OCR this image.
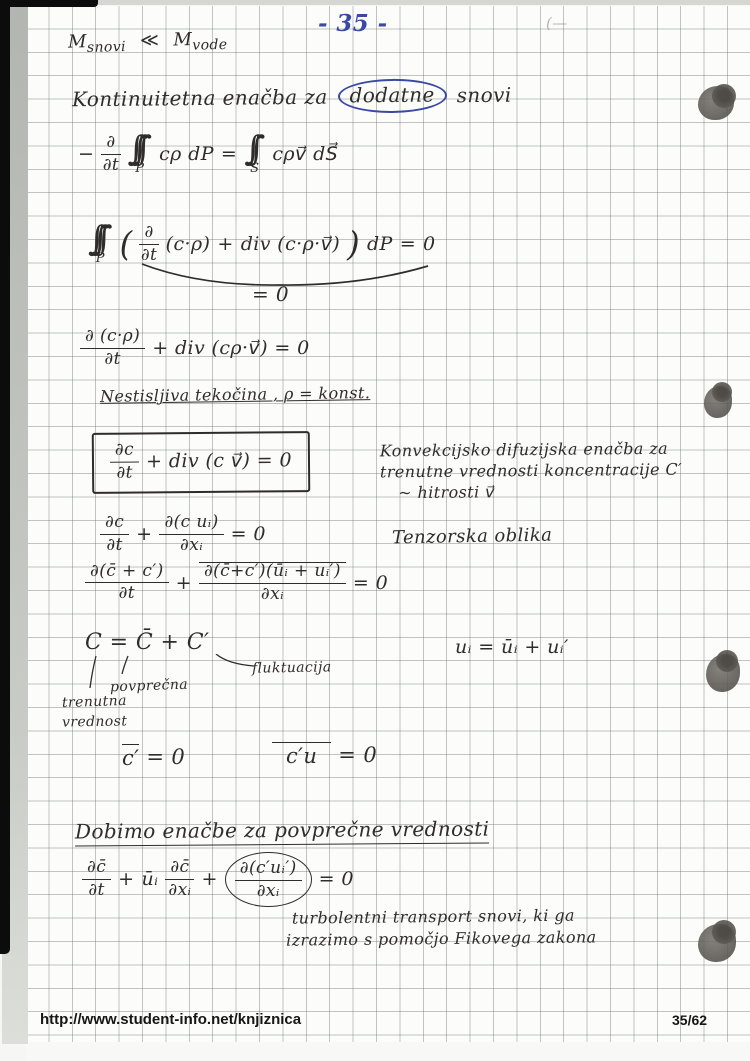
- 35 -	(—
$M_{snovi}$ ≪ $M_{vode}$
Kontinuitetna enačba za	dodatne	snovi
− $\frac{\partial}{\partial t}$ ∫∫∫
P
cρ dP = ∫∫ S
cρv⃗ dS⃗
∫∫∫
P ( $\frac{\partial}{\partial t} (c\cdot\rho)$ + div (c·ρ·v⃗) ) dP = 0
= 0
$\frac{\partial (c\cdot\rho)}{\partial t}$ + div (cρ·v⃗) = 0
Nestisljiva tekočina , ρ = konst.
$\frac{\partial c}{\partial t}$ + div (c v⃗) = 0	Konvekcijsko difuzijska enačba za
trenutne vrednosti koncentracije C′
~ hitrosti v⃗
$\frac{\partial c}{\partial t} + \frac{\text{∂(c uᵢ)}}{\text{∂xᵢ}} = 0$	Tenzorska oblika
$\frac{\partial(c̄ + c')}{\partial t} + \frac{\text{∂(c̄+c′)(ūᵢ + uᵢ′)}}{\text{∂xᵢ}} = 0$
C = C̄ + C′	uᵢ = ūᵢ + uᵢ′
fluktuacija
povprečna
trenutna
vrednost
c′ = 0	c′u	= 0
Dobimo enačbe za povprečne vrednosti
$\frac{\partial c̄}{\partial t}$ + ūᵢ $\frac{\partial c̄}{\text{∂xᵢ}} + \frac{\text{∂(c′uᵢ′)}}{\text{∂xᵢ}} = 0$
turbolentni transport snovi, ki ga
izrazimo s pomočjo Fikovega zakona
http://www.student-info.net/knjiznica	35/62
